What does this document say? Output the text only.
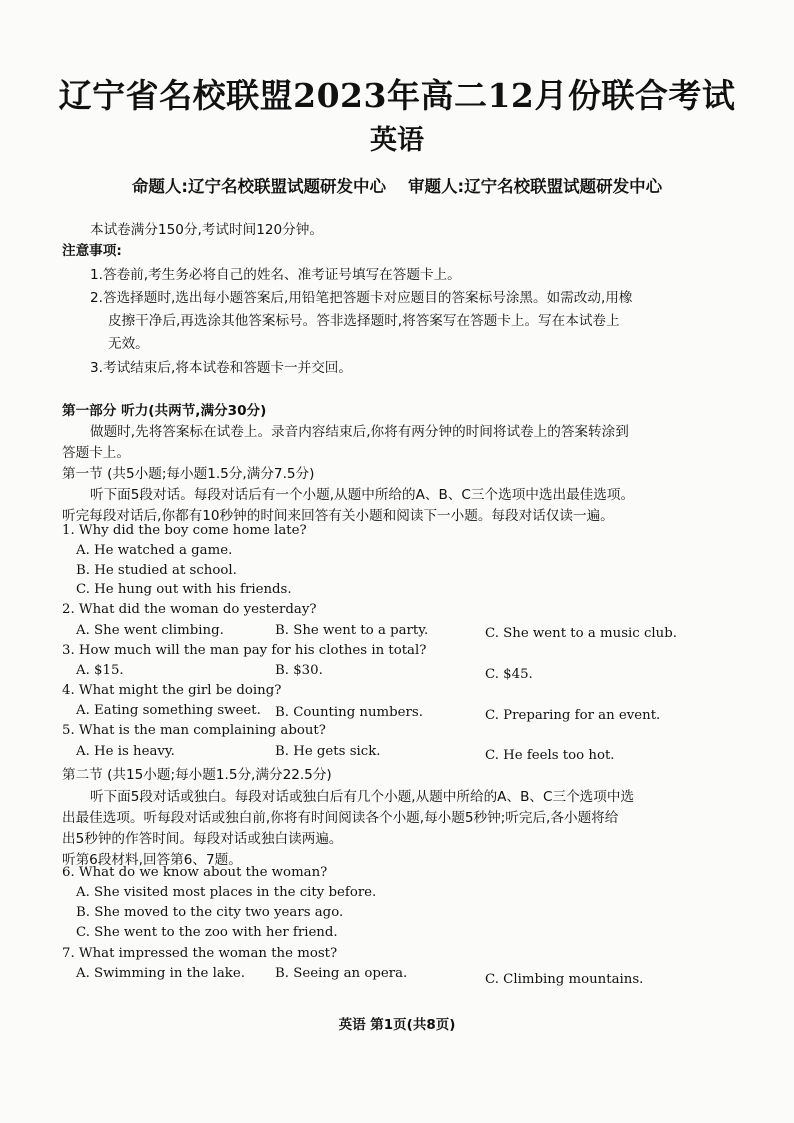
辽宁省名校联盟2023年高二12月份联合考试
英语
命题人:辽宁名校联盟试题研发中心 审题人:辽宁名校联盟试题研发中心
本试卷满分150分,考试时间120分钟。
注意事项:
1.答卷前,考生务必将自己的姓名、准考证号填写在答题卡上。
2.答选择题时,选出每小题答案后,用铅笔把答题卡对应题目的答案标号涂黑。如需改动,用橡
皮擦干净后,再选涂其他答案标号。答非选择题时,将答案写在答题卡上。写在本试卷上
无效。
3.考试结束后,将本试卷和答题卡一并交回。
第一部分 听力(共两节,满分30分)
做题时,先将答案标在试卷上。录音内容结束后,你将有两分钟的时间将试卷上的答案转涂到
答题卡上。
第一节 (共5小题;每小题1.5分,满分7.5分)
听下面5段对话。每段对话后有一个小题,从题中所给的A、B、C三个选项中选出最佳选项。
听完每段对话后,你都有10秒钟的时间来回答有关小题和阅读下一小题。每段对话仅读一遍。
1. Why did the boy come home late?
A. He watched a game.
B. He studied at school.
C. He hung out with his friends.
2. What did the woman do yesterday?
A. She went climbing.	B. She went to a party.	C. She went to a music club.
3. How much will the man pay for his clothes in total?
A. $15.	B. $30.	C. $45.
4. What might the girl be doing?
A. Eating something sweet. B. Counting numbers.	C. Preparing for an event.
5. What is the man complaining about?
A. He is heavy.	B. He gets sick.	C. He feels too hot.
第二节 (共15小题;每小题1.5分,满分22.5分)
听下面5段对话或独白。每段对话或独白后有几个小题,从题中所给的A、B、C三个选项中选
出最佳选项。听每段对话或独白前,你将有时间阅读各个小题,每小题5秒钟;听完后,各小题将给
出5秒钟的作答时间。每段对话或独白读两遍。
听第6段材料,回答第6、7题。
6. What do we know about the woman?
A. She visited most places in the city before.
B. She moved to the city two years ago.
C. She went to the zoo with her friend.
7. What impressed the woman the most?
A. Swimming in the lake. B. Seeing an opera.	C. Climbing mountains.
英语 第1页(共8页)
